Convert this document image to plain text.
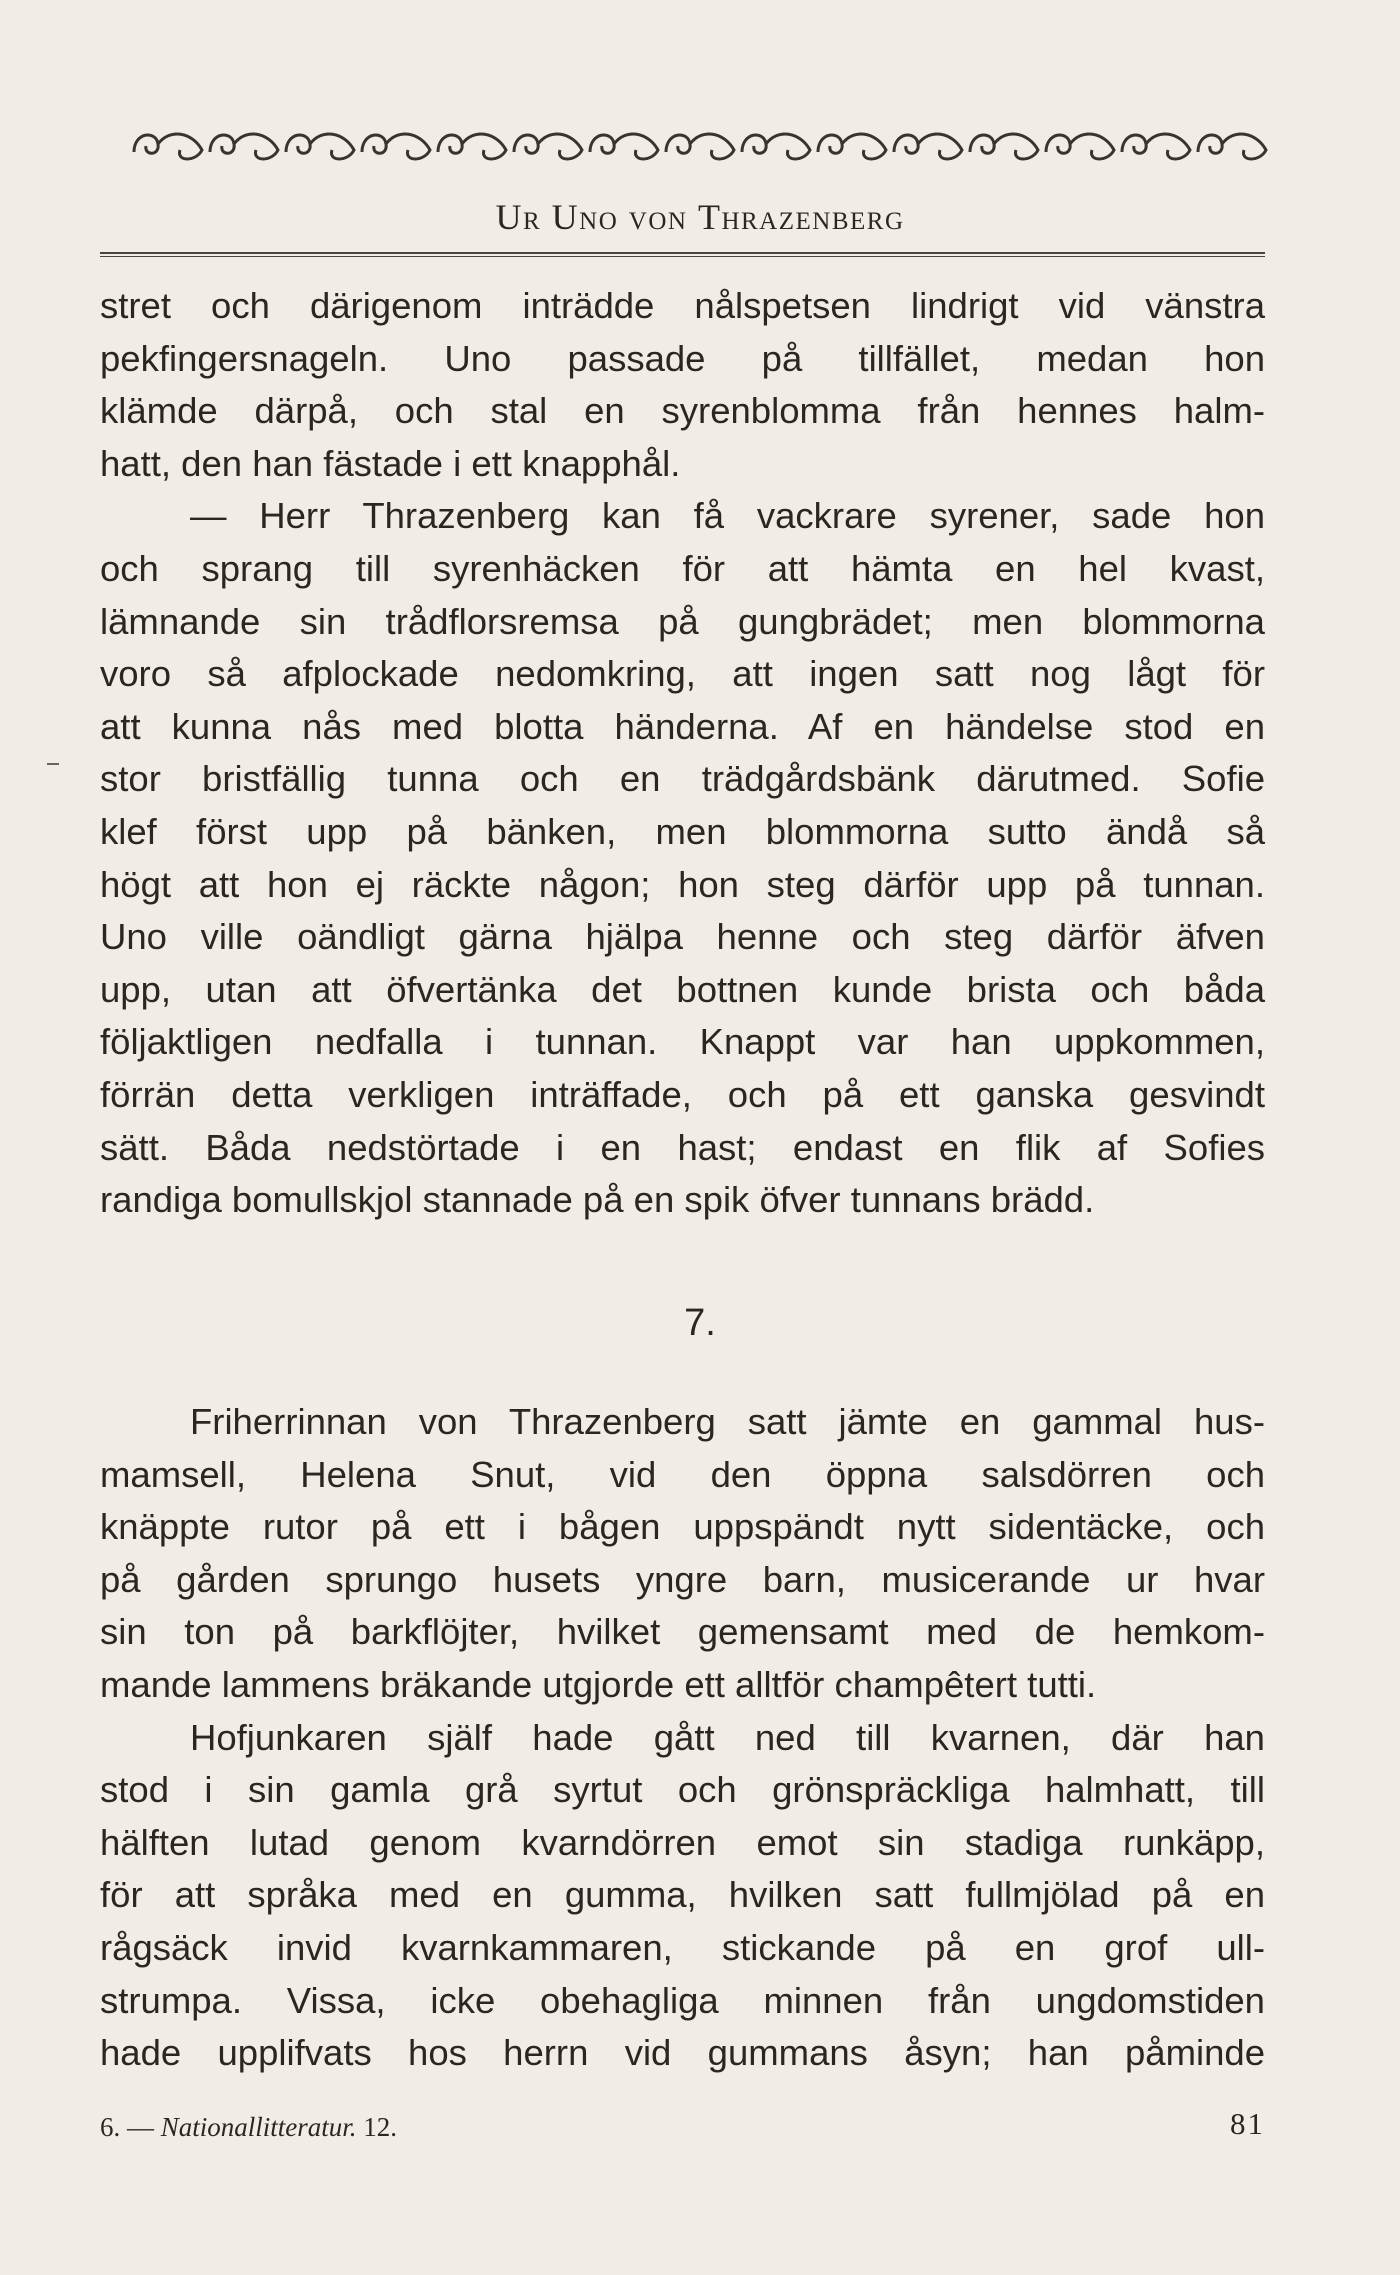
Ur Uno von Thrazenberg
stret och därigenom inträdde nålspetsen lindrigt vid vänstra
pekfingersnageln. Uno passade på tillfället, medan hon
klämde därpå, och stal en syrenblomma från hennes halm-
hatt, den han fästade i ett knapphål.
— Herr Thrazenberg kan få vackrare syrener, sade hon
och sprang till syrenhäcken för att hämta en hel kvast,
lämnande sin trådflorsremsa på gungbrädet; men blommorna
voro så afplockade nedomkring, att ingen satt nog lågt för
att kunna nås med blotta händerna. Af en händelse stod en
stor bristfällig tunna och en trädgårdsbänk därutmed. Sofie
klef först upp på bänken, men blommorna sutto ändå så
högt att hon ej räckte någon; hon steg därför upp på tunnan.
Uno ville oändligt gärna hjälpa henne och steg därför äfven
upp, utan att öfvertänka det bottnen kunde brista och båda
följaktligen nedfalla i tunnan. Knappt var han uppkommen,
förrän detta verkligen inträffade, och på ett ganska gesvindt
sätt. Båda nedstörtade i en hast; endast en flik af Sofies
randiga bomullskjol stannade på en spik öfver tunnans brädd.
7.
Friherrinnan von Thrazenberg satt jämte en gammal hus-
mamsell, Helena Snut, vid den öppna salsdörren och
knäppte rutor på ett i bågen uppspändt nytt sidentäcke, och
på gården sprungo husets yngre barn, musicerande ur hvar
sin ton på barkflöjter, hvilket gemensamt med de hemkom-
mande lammens bräkande utgjorde ett alltför champêtert tutti.
Hofjunkaren själf hade gått ned till kvarnen, där han
stod i sin gamla grå syrtut och grönspräckliga halmhatt, till
hälften lutad genom kvarndörren emot sin stadiga runkäpp,
för att språka med en gumma, hvilken satt fullmjölad på en
rågsäck invid kvarnkammaren, stickande på en grof ull-
strumpa. Vissa, icke obehagliga minnen från ungdomstiden
hade upplifvats hos herrn vid gummans åsyn; han påminde
6. — Nationallitteratur. 12.	81
